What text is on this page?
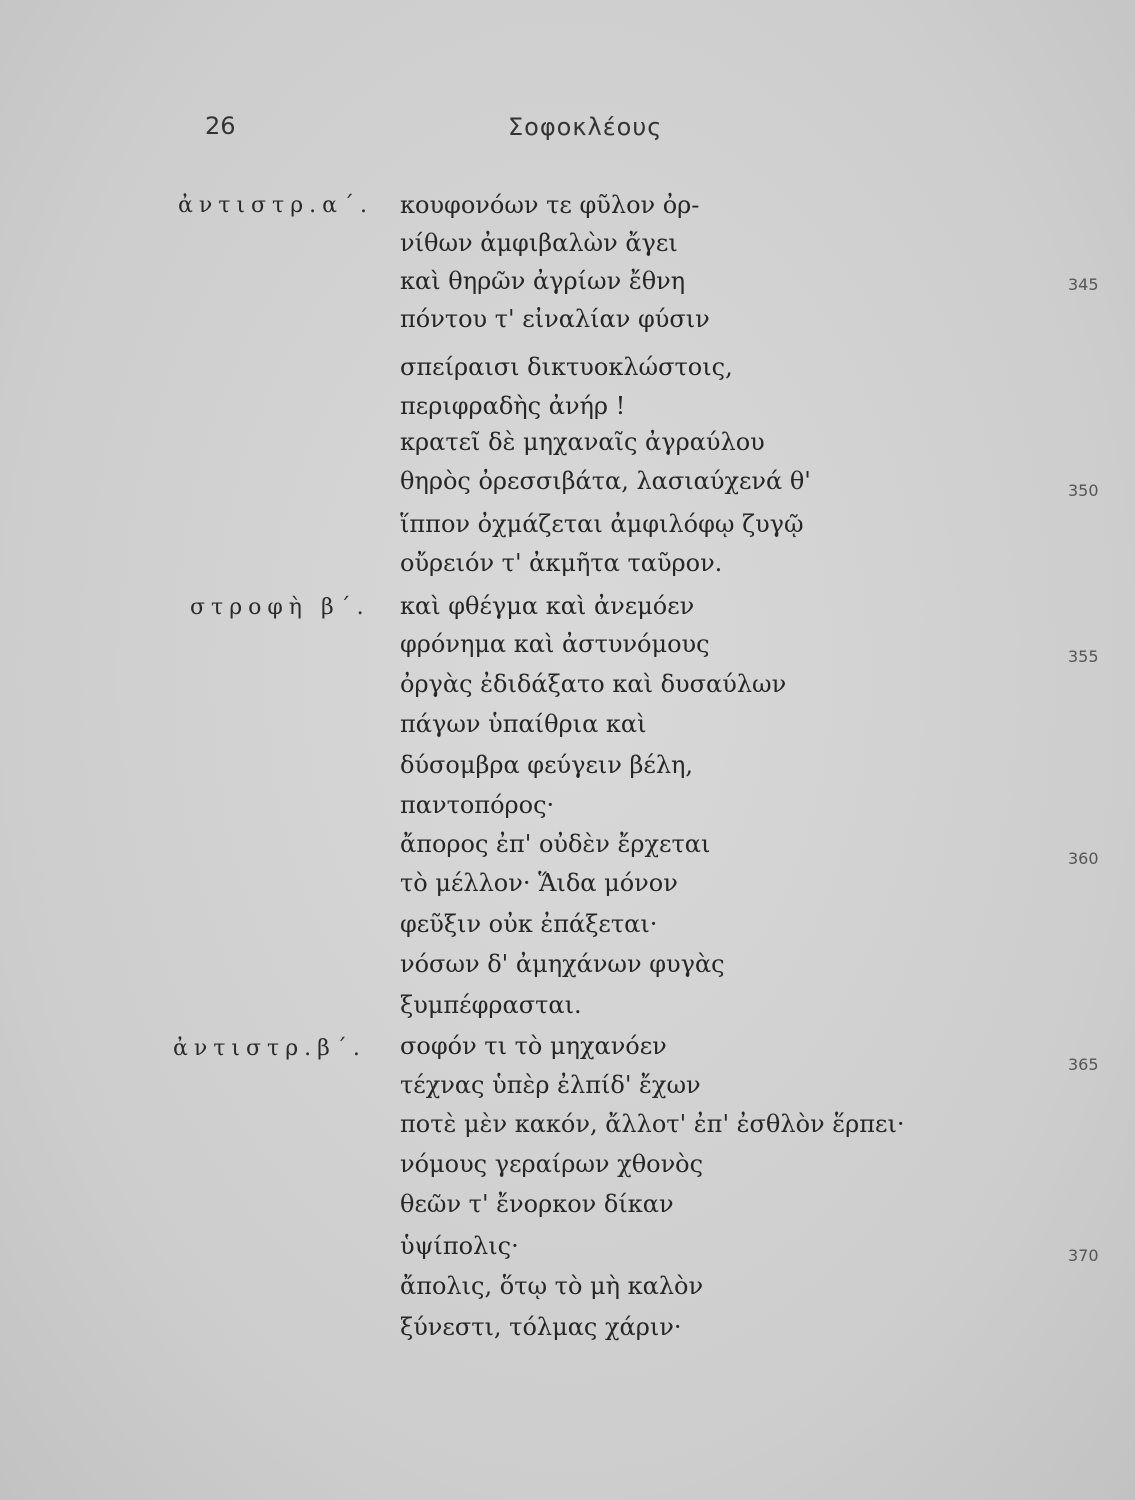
26	Σοφοκλέους
ἀντιστρ.α΄.
στροφὴ β΄.
ἀντιστρ.β΄.
κουφονόων τε φῦλον ὀρ-
νίθων ἀμφιβαλὼν ἄγει
καὶ θηρῶν ἀγρίων ἔθνη
πόντου τ' εἰναλίαν φύσιν
σπείραισι δικτυοκλώστοις,
περιφραδὴς ἀνήρ !
κρατεῖ δὲ μηχαναῖς ἀγραύλου
θηρὸς ὀρεσσιβάτα, λασιαύχενά θ'
ἵππον ὀχμάζεται ἀμφιλόφῳ ζυγῷ
οὔρειόν τ' ἀκμῆτα ταῦρον.
καὶ φθέγμα καὶ ἀνεμόεν
φρόνημα καὶ ἀστυνόμους
ὀργὰς ἐδιδάξατο καὶ δυσαύλων
πάγων ὑπαίθρια καὶ
δύσομβρα φεύγειν βέλη,
παντοπόρος·
ἄπορος ἐπ' οὐδὲν ἔρχεται
τὸ μέλλον· Ἅιδα μόνον
φεῦξιν οὐκ ἐπάξεται·
νόσων δ' ἀμηχάνων φυγὰς
ξυμπέφρασται.
σοφόν τι τὸ μηχανόεν
τέχνας ὑπὲρ ἐλπίδ' ἔχων
ποτὲ μὲν κακόν, ἄλλοτ' ἐπ' ἐσθλὸν ἕρπει·
νόμους γεραίρων χθονὸς
θεῶν τ' ἔνορκον δίκαν
ὑψίπολις·
ἄπολις, ὅτῳ τὸ μὴ καλὸν
ξύνεστι, τόλμας χάριν·
345
350
355
360
365
370
